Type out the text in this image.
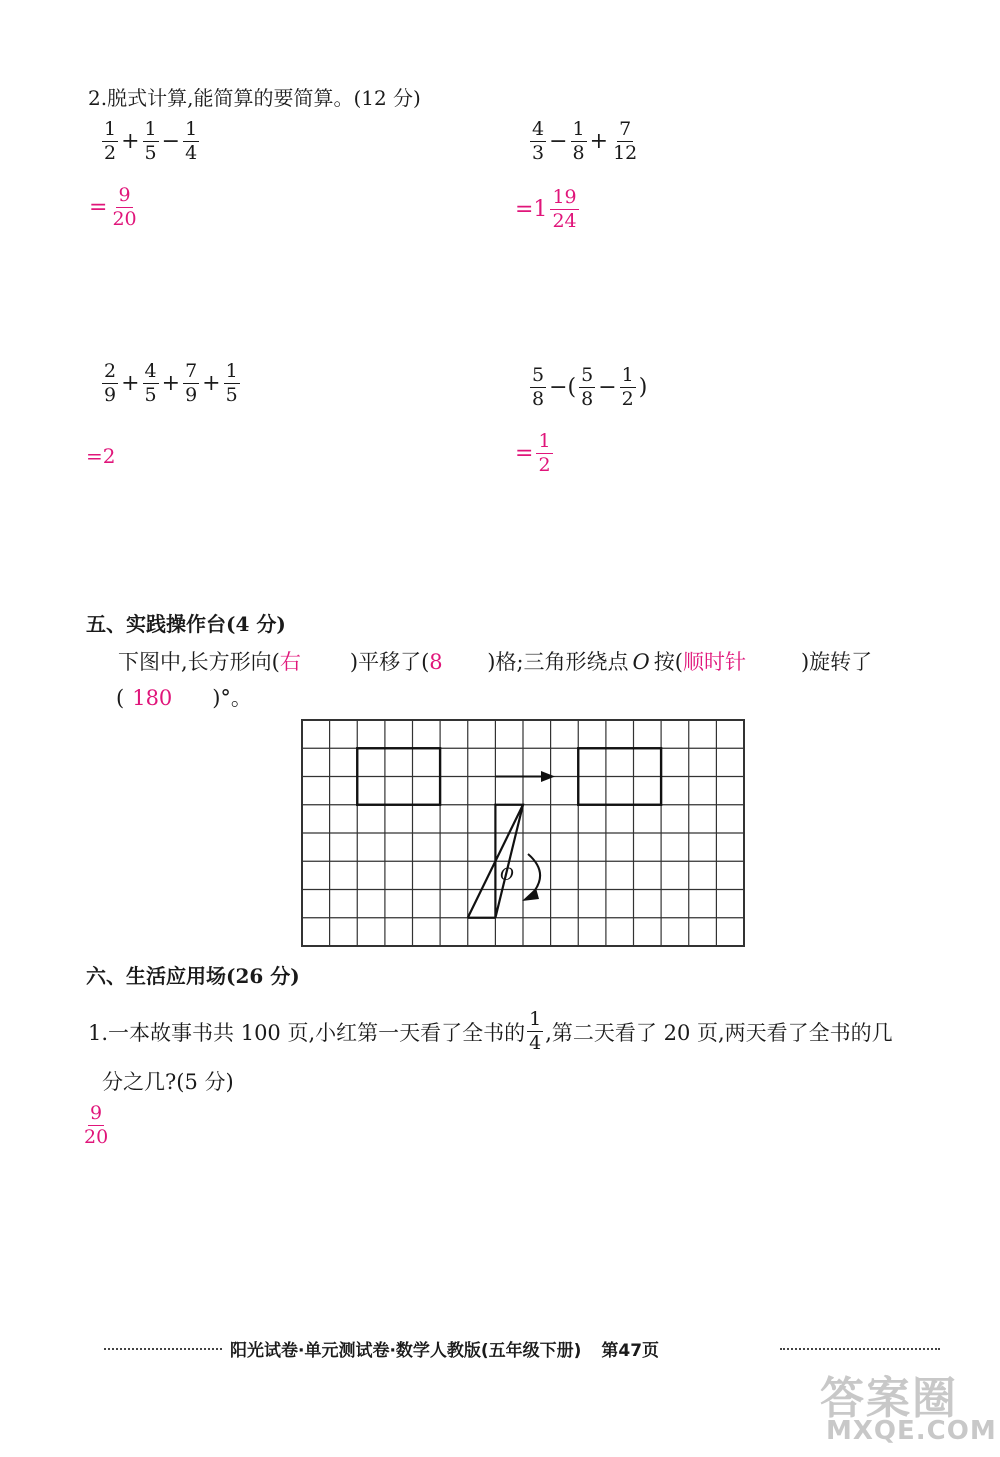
2.脱式计算,能简算的要简算。(12 分)
$\frac{1}{2} + \frac{1}{5} - \frac{1}{4}$
= $\frac{9}{20}$
$\frac{4}{3} - \frac{1}{8} + \frac{7}{12}$
$=1 \frac{19}{24}$
$\frac{2}{9} + \frac{4}{5} + \frac{7}{9} + \frac{1}{5}$
=2
$\frac{5}{8}$ −( $\frac{5}{8} - \frac{1}{2}$ )
= $\frac{1}{2}$
五、实践操作台(4 分)
下图中,长方形向(右 )平移了(8 )格;三角形绕点 O 按(顺时针	)旋转了
( 180 )°。
O
六、生活应用场(26 分)
1.一本故事书共 100 页,小红第一天看了全书的 $\frac{1}{4}$ ,第二天看了 20 页,两天看了全书的几
分之几?(5 分)
$\frac{9}{20}$
阳光试卷·单元测试卷·数学人教版(五年级下册) 第47页
答案圈
MXQE.COM
